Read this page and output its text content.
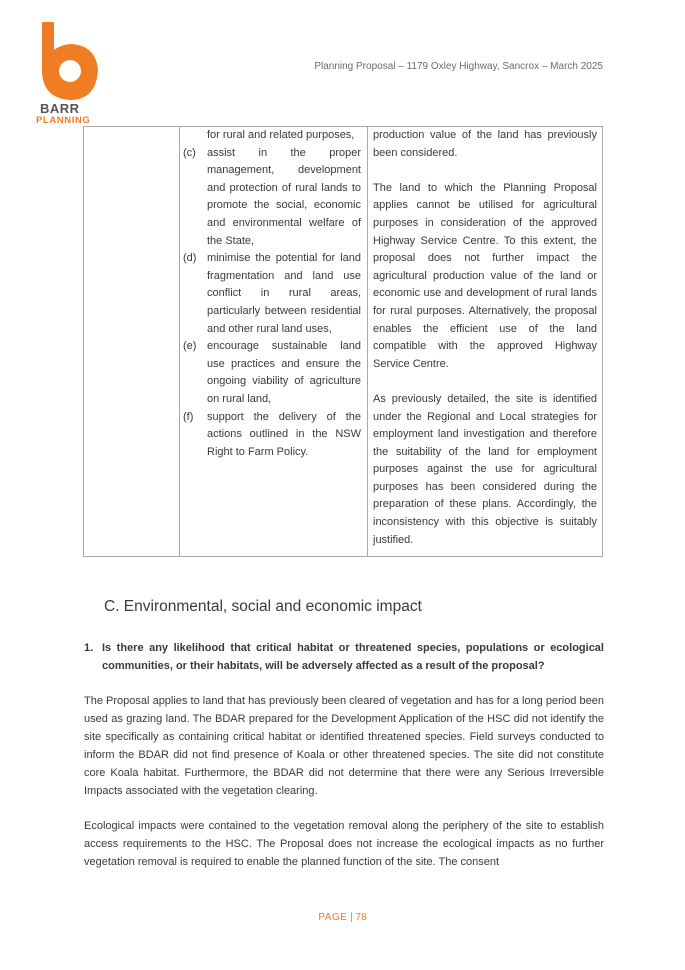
BARR
PLANNING
Planning Proposal – 1179 Oxley Highway, Sancrox – March 2025
for rural and related purposes,
(c) assist in the proper management, development and protection of rural lands to promote the social, economic and environmental welfare of the State,
(d) minimise the potential for land fragmentation and land use conflict in rural areas, particularly between residential and other rural land uses,
(e) encourage sustainable land use practices and ensure the ongoing viability of agriculture on rural land,
(f) support the delivery of the actions outlined in the NSW Right to Farm Policy.

production value of the land has previously been considered.

The land to which the Planning Proposal applies cannot be utilised for agricultural purposes in consideration of the approved Highway Service Centre. To this extent, the proposal does not further impact the agricultural production value of the land or economic use and development of rural lands for rural purposes. Alternatively, the proposal enables the efficient use of the land compatible with the approved Highway Service Centre.

As previously detailed, the site is identified under the Regional and Local strategies for employment land investigation and therefore the suitability of the land for employment purposes against the use for agricultural purposes has been considered during the preparation of these plans. Accordingly, the inconsistency with this objective is suitably justified.

C. Environmental, social and economic impact
1. Is there any likelihood that critical habitat or threatened species, populations or ecological communities, or their habitats, will be adversely affected as a result of the proposal?

The Proposal applies to land that has previously been cleared of vegetation and has for a long period been used as grazing land. The BDAR prepared for the Development Application of the HSC did not identify the site specifically as containing critical habitat or identified threatened species. Field surveys conducted to inform the BDAR did not find presence of Koala or other threatened species. The site did not constitute core Koala habitat. Furthermore, the BDAR did not determine that there were any Serious Irreversible Impacts associated with the vegetation clearing.

Ecological impacts were contained to the vegetation removal along the periphery of the site to establish access requirements to the HSC. The Proposal does not increase the ecological impacts as no further vegetation removal is required to enable the planned function of the site. The consent

PAGE | 78
